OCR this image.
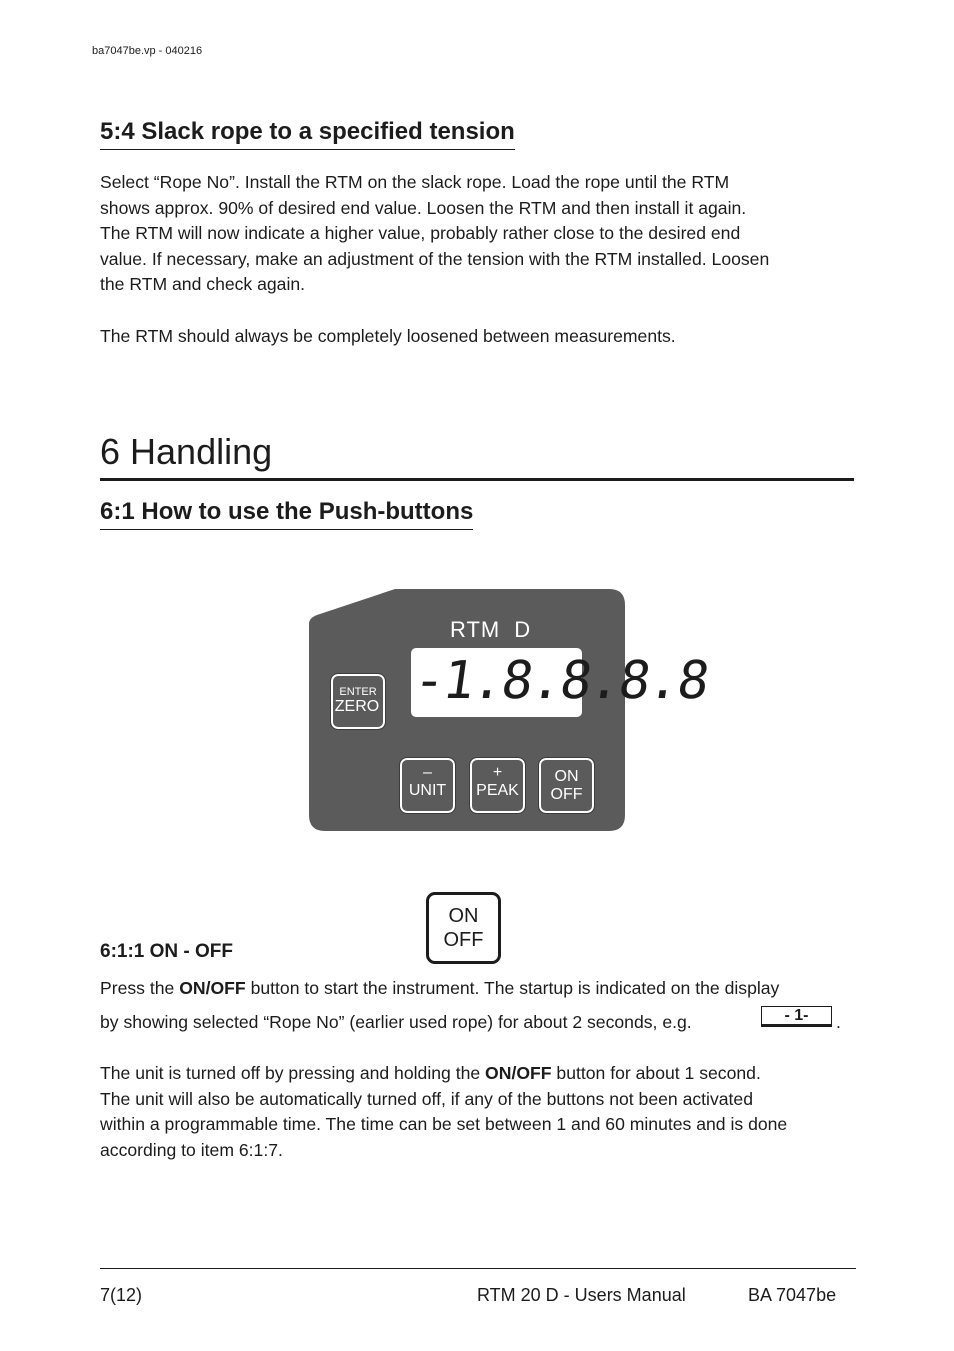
ba7047be.vp - 040216
5:4 Slack rope to a specified tension
Select “Rope No”. Install the RTM on the slack rope. Load the rope until the RTM
shows approx. 90% of desired end value. Loosen the RTM and then install it again.
The RTM will now indicate a higher value, probably rather close to the desired end
value. If necessary, make an adjustment of the tension with the RTM installed. Loosen
the RTM and check again.
The RTM should always be completely loosened between measurements.
6 Handling
6:1 How to use the Push-buttons
RTM D
-1.8.8.8.8
ENTER
ZERO
–
UNIT
+
PEAK
ON
OFF
ON
OFF
6:1:1 ON - OFF
Press the ON/OFF button to start the instrument. The startup is indicated on the display
by showing selected “Rope No” (earlier used rope) for about 2 seconds, e.g.	- 1-	.
The unit is turned off by pressing and holding the ON/OFF button for about 1 second.
The unit will also be automatically turned off, if any of the buttons not been activated
within a programmable time. The time can be set between 1 and 60 minutes and is done
according to item 6:1:7.
7(12)	RTM 20 D - Users Manual	BA 7047be
